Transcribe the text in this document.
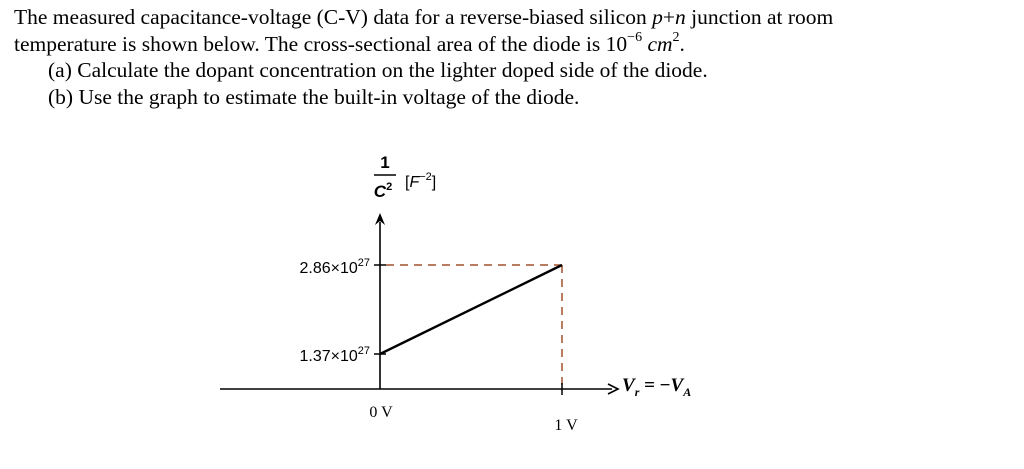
The measured capacitance-voltage (C-V) data for a reverse-biased silicon p+n junction at room

temperature is shown below. The cross-sectional area of the diode is $10^{-6}$ $cm^2$.

(a) Calculate the dopant concentration on the lighter doped side of the diode.

(b) Use the graph to estimate the built-in voltage of the diode.

1
$C^2$ $[F^{-2}]$
$2.86\times 10^{27}$
$1.37\times 10^{27}$
0 V
1 V
$V_r = -V_A$
